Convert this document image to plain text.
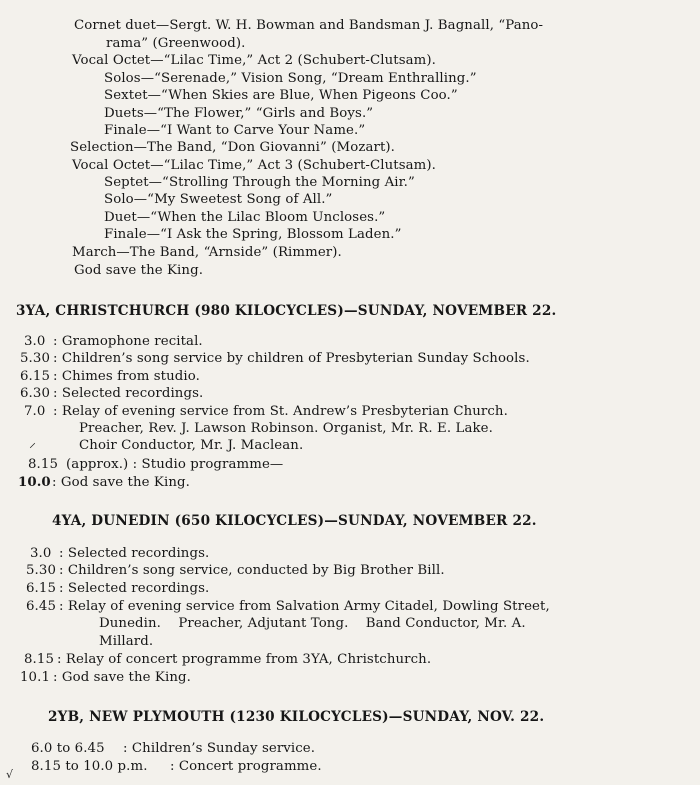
Cornet duet—Sergt. W. H. Bowman and Bandsman J. Bagnall, “Pano-
rama” (Greenwood).
Vocal Octet—“Lilac Time,” Act 2 (Schubert-Clutsam).
Solos—“Serenade,” Vision Song, “Dream Enthralling.”
Sextet—“When Skies are Blue, When Pigeons Coo.”
Duets—“The Flower,” “Girls and Boys.”
Finale—“I Want to Carve Your Name.”
Selection—The Band, “Don Giovanni” (Mozart).
Vocal Octet—“Lilac Time,” Act 3 (Schubert-Clutsam).
Septet—“Strolling Through the Morning Air.”
Solo—“My Sweetest Song of All.”
Duet—“When the Lilac Bloom Uncloses.”
Finale—“I Ask the Spring, Blossom Laden.”
March—The Band, “Arnside” (Rimmer).
God save the King.
3YA, CHRISTCHURCH (980 KILOCYCLES)—SUNDAY, NOVEMBER 22.
3.0 : Gramophone recital.
5.30 : Children’s song service by children of Presbyterian Sunday Schools.
6.15 : Chimes from studio.
6.30 : Selected recordings.
7.0 : Relay of evening service from St. Andrew’s Presbyterian Church.
Preacher, Rev. J. Lawson Robinson. Organist, Mr. R. E. Lake.
Choir Conductor, Mr. J. Maclean.
⸝
8.15 (approx.) : Studio programme—
10.0 : God save the King.
4YA, DUNEDIN (650 KILOCYCLES)—SUNDAY, NOVEMBER 22.
3.0 : Selected recordings.
5.30 : Children’s song service, conducted by Big Brother Bill.
6.15 : Selected recordings.
6.45 : Relay of evening service from Salvation Army Citadel, Dowling Street,
Dunedin.    Preacher, Adjutant Tong.    Band Conductor, Mr. A.
Millard.
8.15 : Relay of concert programme from 3YA, Christchurch.
10.1 : God save the King.
2YB, NEW PLYMOUTH (1230 KILOCYCLES)—SUNDAY, NOV. 22.
6.0 to 6.45 : Children’s Sunday service.
8.15 to 10.0 p.m. : Concert programme.
√
